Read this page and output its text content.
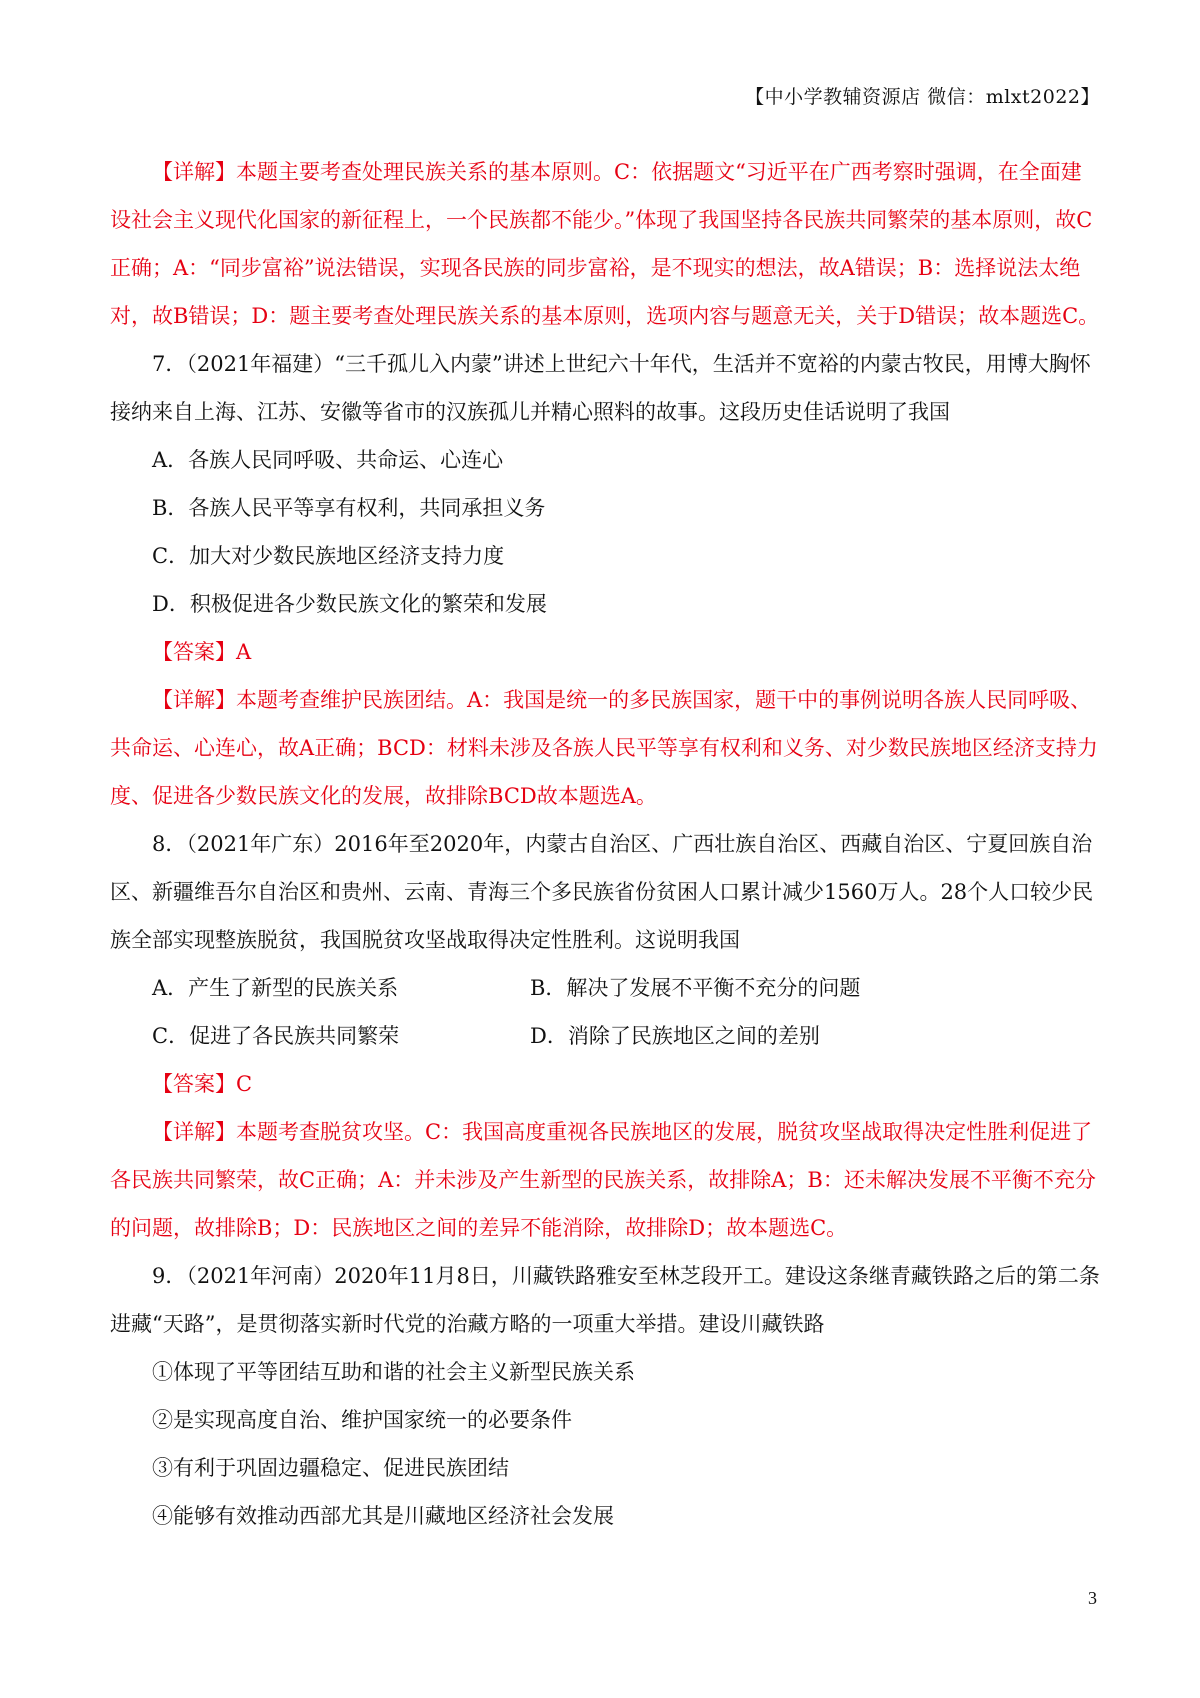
【中小学教辅资源店 微信：mlxt2022】

【详解】本题主要考查处理民族关系的基本原则。C：依据题文“习近平在广西考察时强调，在全面建设社会主义现代化国家的新征程上，一个民族都不能少。”体现了我国坚持各民族共同繁荣的基本原则，故C正确；A：“同步富裕”说法错误，实现各民族的同步富裕，是不现实的想法，故A错误；B：选择说法太绝对，故B错误；D：题主要考查处理民族关系的基本原则，选项内容与题意无关，关于D错误；故本题选C。

7．（2021年福建）“三千孤儿入内蒙”讲述上世纪六十年代，生活并不宽裕的内蒙古牧民，用博大胸怀接纳来自上海、江苏、安徽等省市的汉族孤儿并精心照料的故事。这段历史佳话说明了我国

A．各族人民同呼吸、共命运、心连心

B．各族人民平等享有权利，共同承担义务

C．加大对少数民族地区经济支持力度

D．积极促进各少数民族文化的繁荣和发展

【答案】A

【详解】本题考查维护民族团结。A：我国是统一的多民族国家，题干中的事例说明各族人民同呼吸、共命运、心连心，故A正确；BCD：材料未涉及各族人民平等享有权利和义务、对少数民族地区经济支持力度、促进各少数民族文化的发展，故排除BCD故本题选A。

8．（2021年广东）2016年至2020年，内蒙古自治区、广西壮族自治区、西藏自治区、宁夏回族自治区、新疆维吾尔自治区和贵州、云南、青海三个多民族省份贫困人口累计减少1560万人。28个人口较少民族全部实现整族脱贫，我国脱贫攻坚战取得决定性胜利。这说明我国

A．产生了新型的民族关系	B．解决了发展不平衡不充分的问题
C．促进了各民族共同繁荣	D．消除了民族地区之间的差别

【答案】C

【详解】本题考查脱贫攻坚。C：我国高度重视各民族地区的发展，脱贫攻坚战取得决定性胜利促进了各民族共同繁荣，故C正确；A：并未涉及产生新型的民族关系，故排除A；B：还未解决发展不平衡不充分的问题，故排除B；D：民族地区之间的差异不能消除，故排除D；故本题选C。

9．（2021年河南）2020年11月8日，川藏铁路雅安至林芝段开工。建设这条继青藏铁路之后的第二条进藏“天路”，是贯彻落实新时代党的治藏方略的一项重大举措。建设川藏铁路

①体现了平等团结互助和谐的社会主义新型民族关系

②是实现高度自治、维护国家统一的必要条件

③有利于巩固边疆稳定、促进民族团结

④能够有效推动西部尤其是川藏地区经济社会发展

3
